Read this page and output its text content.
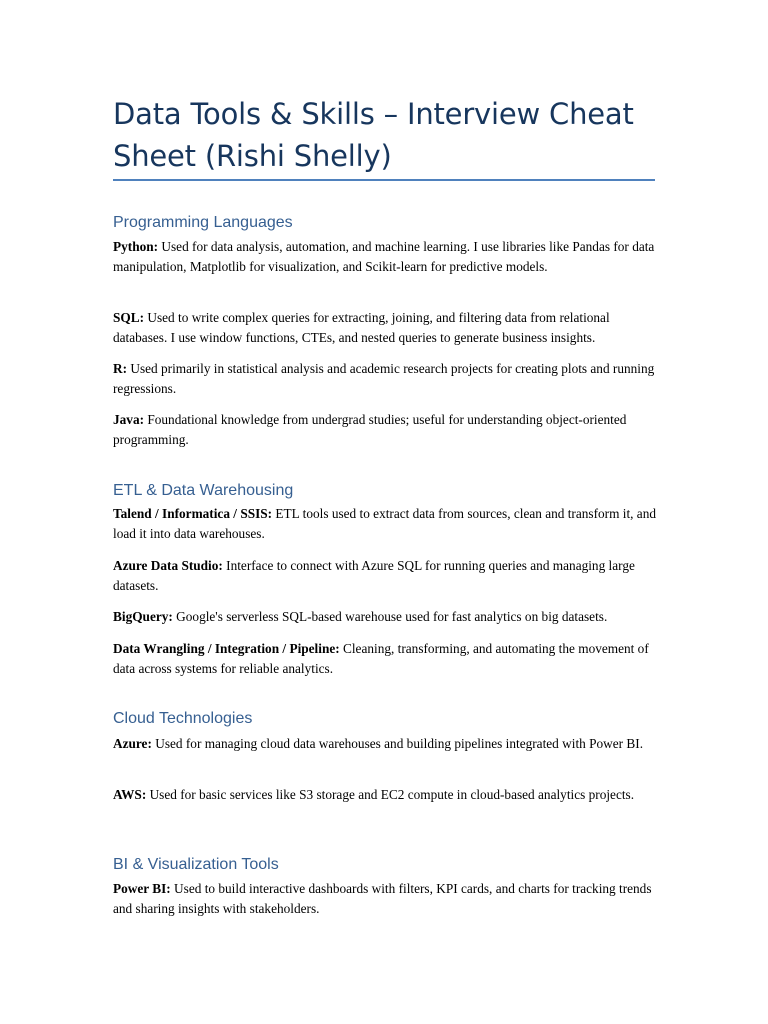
Data Tools & Skills – Interview Cheat Sheet (Rishi Shelly)
Programming Languages

Python: Used for data analysis, automation, and machine learning. I use libraries like Pandas for data manipulation, Matplotlib for visualization, and Scikit-learn for predictive models.

SQL: Used to write complex queries for extracting, joining, and filtering data from relational databases. I use window functions, CTEs, and nested queries to generate business insights.

R: Used primarily in statistical analysis and academic research projects for creating plots and running regressions.

Java: Foundational knowledge from undergrad studies; useful for understanding object-oriented programming.

ETL & Data Warehousing

Talend / Informatica / SSIS: ETL tools used to extract data from sources, clean and transform it, and load it into data warehouses.

Azure Data Studio: Interface to connect with Azure SQL for running queries and managing large datasets.

BigQuery: Google's serverless SQL-based warehouse used for fast analytics on big datasets.

Data Wrangling / Integration / Pipeline: Cleaning, transforming, and automating the movement of data across systems for reliable analytics.

Cloud Technologies

Azure: Used for managing cloud data warehouses and building pipelines integrated with Power BI.

AWS: Used for basic services like S3 storage and EC2 compute in cloud-based analytics projects.

BI & Visualization Tools

Power BI: Used to build interactive dashboards with filters, KPI cards, and charts for tracking trends and sharing insights with stakeholders.
